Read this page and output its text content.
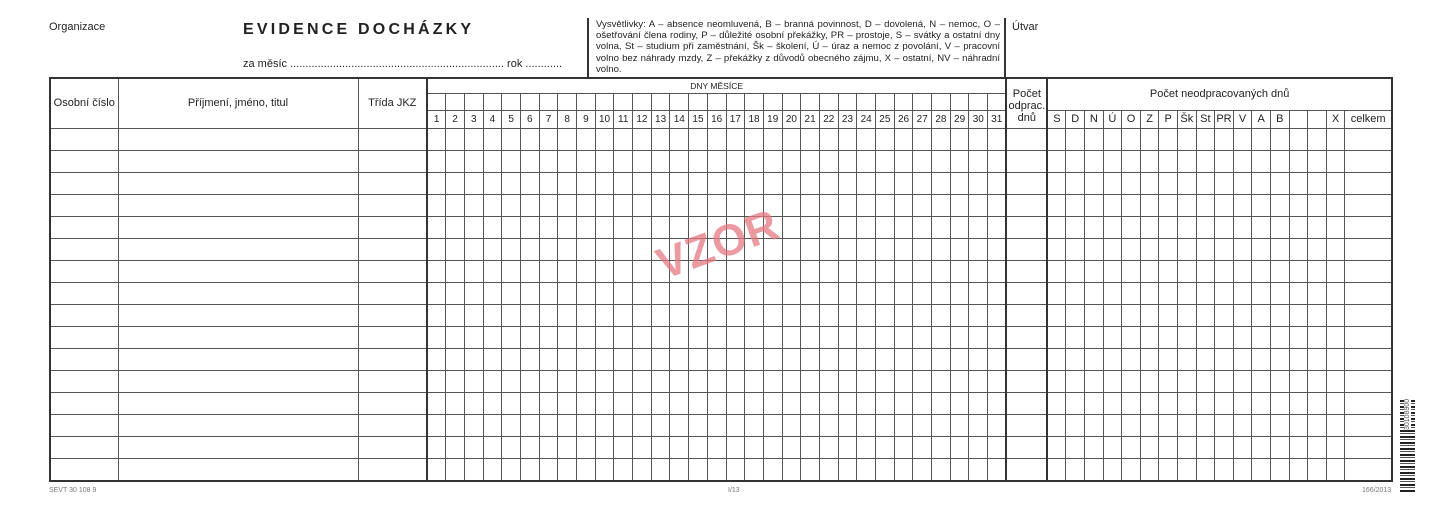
Organizace	EVIDENCE DOCHÁZKY
za měsíc ...................................................................... rok ............
Vysvětlivky: A – absence neomluvená, B – branná povinnost, D – dovolená, N – nemoc, O – ošetřování člena rodiny, P – důležité osobní překážky, PR – prostoje, S – svátky a ostatní dny volna, St – studium při zaměstnání, Šk – školení, Ú – úraz a nemoc z povolání, V – pracovní volno bez náhrady mzdy, Z – překážky z důvodů obecného zájmu, X – ostatní, NV – náhradní volno.
Útvar
Osobní číslo	Příjmení, jméno, titul	Třída JKZ	DNY MĚSÍCE																															Počet odprac. dnů	Počet neodpracovaných dnů																

			1	2	3	4	5	6	7	8	9	10	11	12	13	14	15	16	17	18	19	20	21	22	23	24	25	26	27	28	29	30	31		S	D	N	Ú	O	Z	P	Šk	St	PR	V	A	B			X	celkem

VZOR
SEVT 30 108 9	I/13	166/2013
30108900
